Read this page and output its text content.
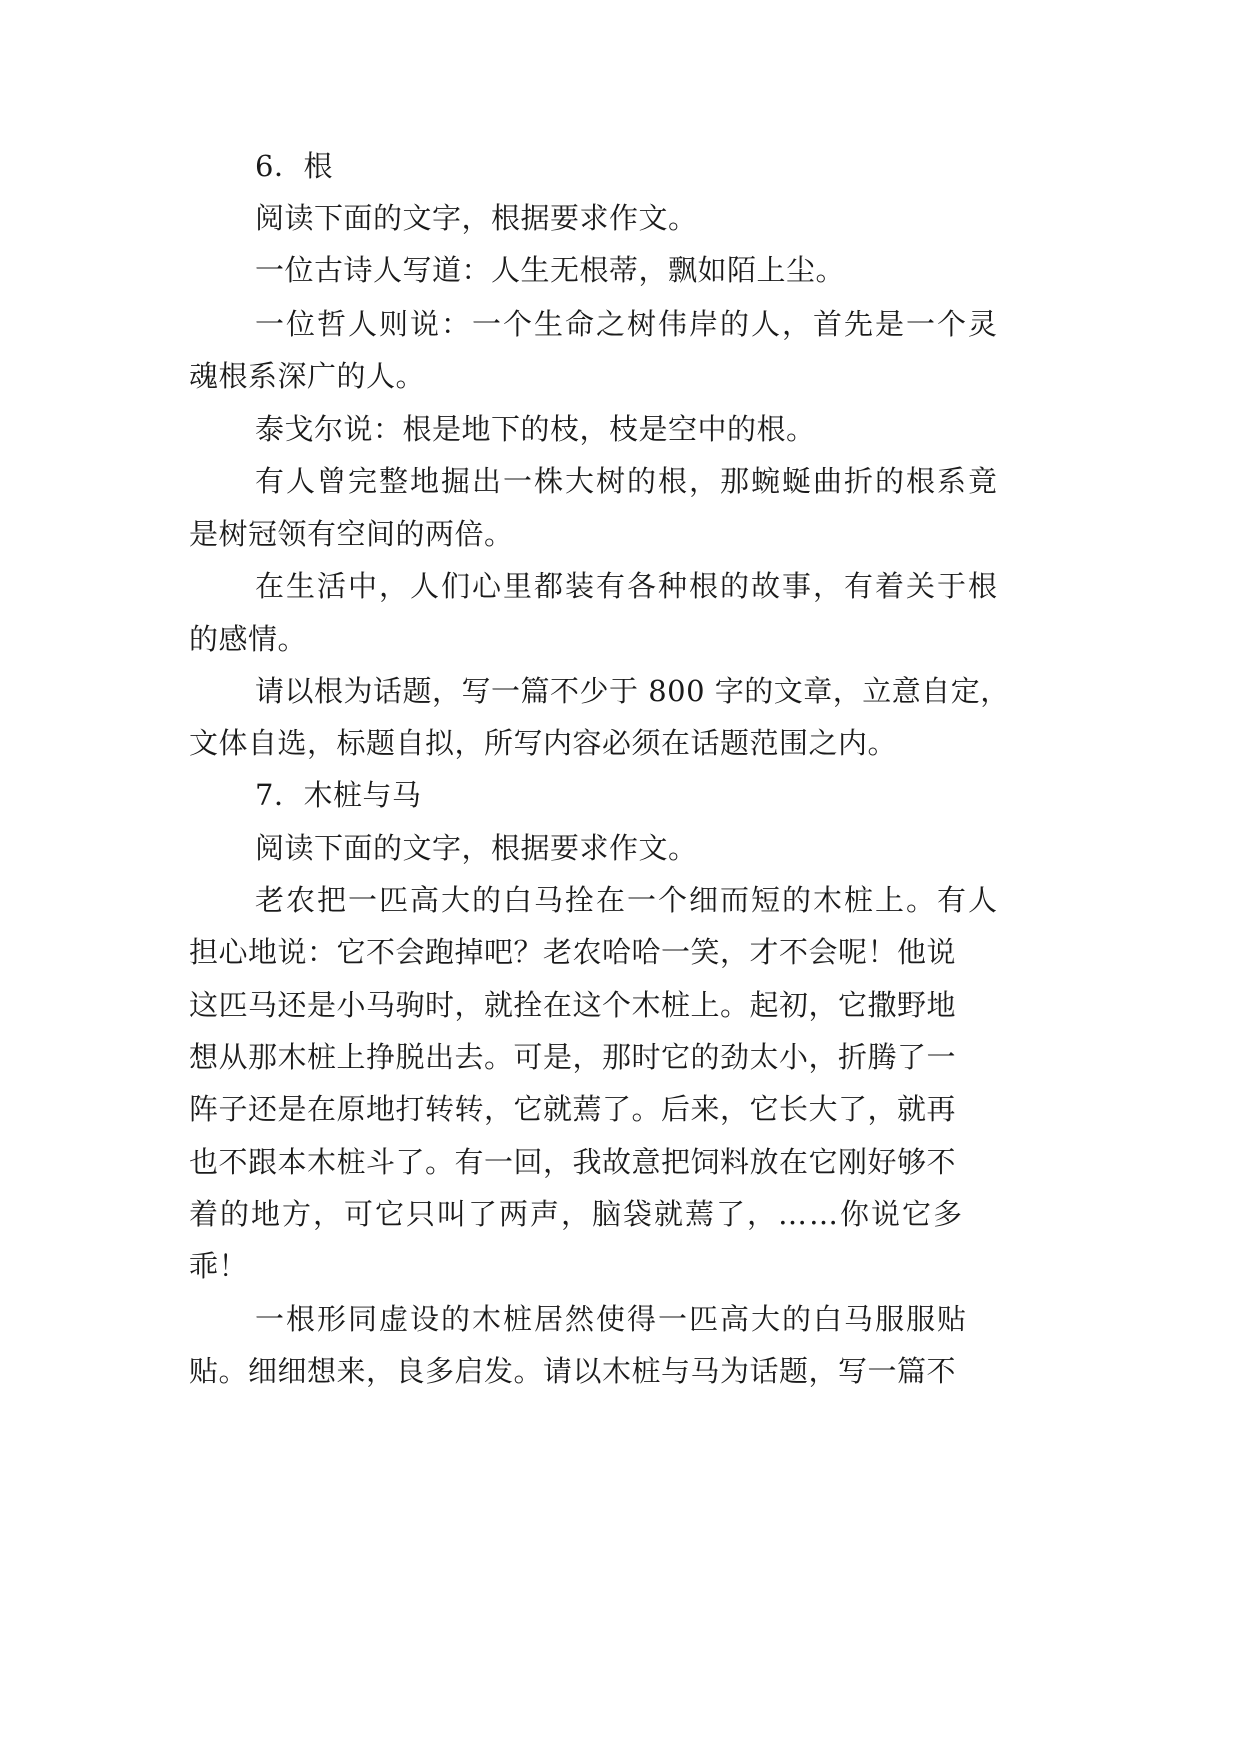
6．根

阅读下面的文字，根据要求作文。

一位古诗人写道：人生无根蒂，飘如陌上尘。

一位哲人则说：一个生命之树伟岸的人，首先是一个灵

魂根系深广的人。

泰戈尔说：根是地下的枝，枝是空中的根。

有人曾完整地掘出一株大树的根，那蜿蜒曲折的根系竟

是树冠领有空间的两倍。

在生活中，人们心里都装有各种根的故事，有着关于根

的感情。

请以根为话题，写一篇不少于 800 字的文章，立意自定，

文体自选，标题自拟，所写内容必须在话题范围之内。

7．木桩与马

阅读下面的文字，根据要求作文。

老农把一匹高大的白马拴在一个细而短的木桩上。有人

担心地说：它不会跑掉吧？老农哈哈一笑，才不会呢！他说

这匹马还是小马驹时，就拴在这个木桩上。起初，它撒野地

想从那木桩上挣脱出去。可是，那时它的劲太小，折腾了一

阵子还是在原地打转转，它就蔫了。后来，它长大了，就再

也不跟本木桩斗了。有一回，我故意把饲料放在它刚好够不

着的地方，可它只叫了两声，脑袋就蔫了，……你说它多

乖！

一根形同虚设的木桩居然使得一匹高大的白马服服贴

贴。细细想来，良多启发。请以木桩与马为话题，写一篇不
